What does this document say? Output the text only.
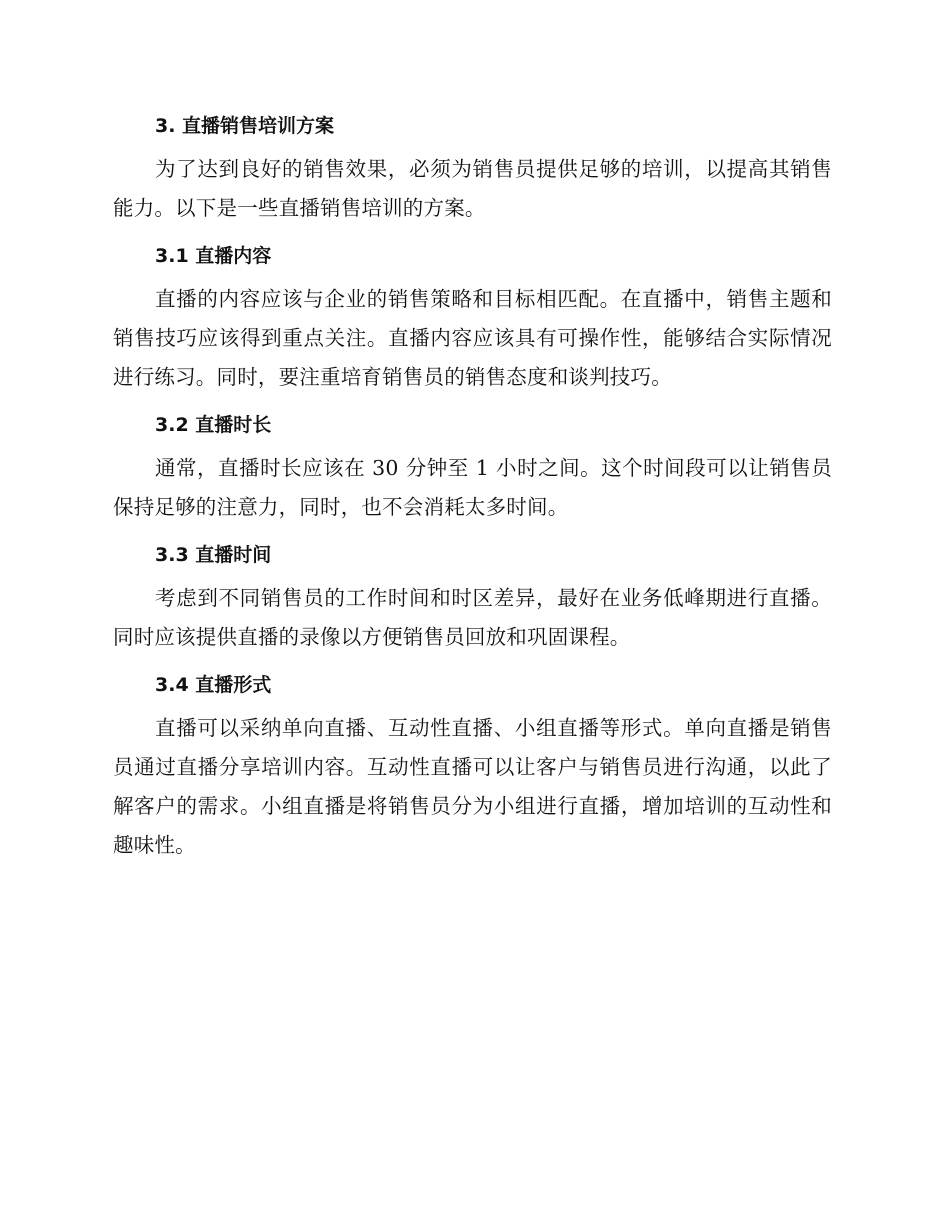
3. 直播销售培训方案

为了达到良好的销售效果，必须为销售员提供足够的培训，以提高其销售能力。以下是一些直播销售培训的方案。

3.1 直播内容

直播的内容应该与企业的销售策略和目标相匹配。在直播中，销售主题和销售技巧应该得到重点关注。直播内容应该具有可操作性，能够结合实际情况进行练习。同时，要注重培育销售员的销售态度和谈判技巧。

3.2 直播时长

通常，直播时长应该在 30 分钟至 1 小时之间。这个时间段可以让销售员保持足够的注意力，同时，也不会消耗太多时间。

3.3 直播时间

考虑到不同销售员的工作时间和时区差异，最好在业务低峰期进行直播。同时应该提供直播的录像以方便销售员回放和巩固课程。

3.4 直播形式

直播可以采纳单向直播、互动性直播、小组直播等形式。单向直播是销售员通过直播分享培训内容。互动性直播可以让客户与销售员进行沟通，以此了解客户的需求。小组直播是将销售员分为小组进行直播，增加培训的互动性和趣味性。
